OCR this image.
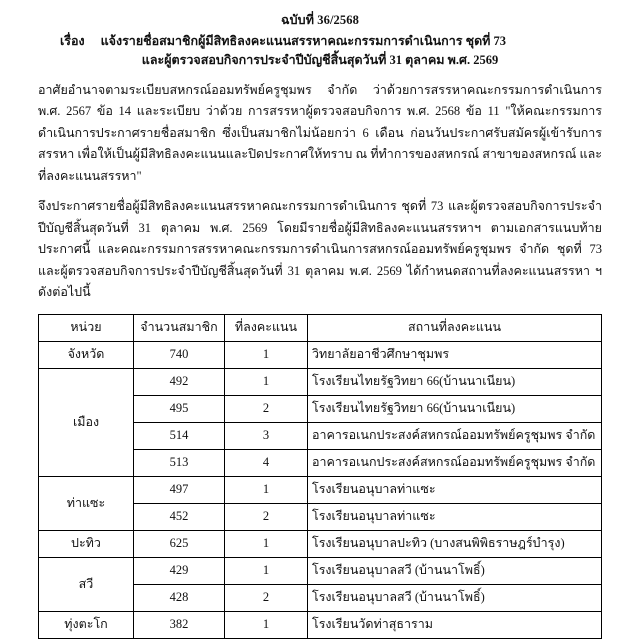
ฉบับที่ 36/2568
เรื่อง แจ้งรายชื่อสมาชิกผู้มีสิทธิลงคะแนนสรรหาคณะกรรมการดำเนินการ ชุดที่ 73
และผู้ตรวจสอบกิจการประจำปีบัญชีสิ้นสุดวันที่ 31 ตุลาคม พ.ศ. 2569

อาศัยอำนาจตามระเบียบสหกรณ์ออมทรัพย์ครูชุมพร จำกัด ว่าด้วยการสรรหาคณะกรรมการดำเนินการ พ.ศ. 2567 ข้อ 14 และระเบียบ ว่าด้วย การสรรหาผู้ตรวจสอบกิจการ พ.ศ. 2568 ข้อ 11 "ให้คณะกรรมการดำเนินการประกาศรายชื่อสมาชิก ซึ่งเป็นสมาชิกไม่น้อยกว่า 6 เดือน ก่อนวันประกาศรับสมัครผู้เข้ารับการสรรหา เพื่อให้เป็นผู้มีสิทธิลงคะแนนและปิดประกาศให้ทราบ ณ ที่ทำการของสหกรณ์ สาขาของสหกรณ์ และที่ลงคะแนนสรรหา"

จึงประกาศรายชื่อผู้มีสิทธิลงคะแนนสรรหาคณะกรรมการดำเนินการ ชุดที่ 73 และผู้ตรวจสอบกิจการประจำปีบัญชีสิ้นสุดวันที่ 31 ตุลาคม พ.ศ. 2569 โดยมีรายชื่อผู้มีสิทธิลงคะแนนสรรหาฯ ตามเอกสารแนบท้ายประกาศนี้ และคณะกรรมการสรรหาคณะกรรมการดำเนินการสหกรณ์ออมทรัพย์ครูชุมพร จำกัด ชุดที่ 73 และผู้ตรวจสอบกิจการประจำปีบัญชีสิ้นสุดวันที่ 31 ตุลาคม พ.ศ. 2569 ได้กำหนดสถานที่ลงคะแนนสรรหา ฯ ดังต่อไปนี้

หน่วย	จำนวนสมาชิก	ที่ลงคะแนน	สถานที่ลงคะแนน
จังหวัด	740	1	วิทยาลัยอาชีวศึกษาชุมพร
เมือง	492	1	โรงเรียนไทยรัฐวิทยา 66(บ้านนาเนียน)
	495	2	โรงเรียนไทยรัฐวิทยา 66(บ้านนาเนียน)
	514	3	อาคารอเนกประสงค์สหกรณ์ออมทรัพย์ครูชุมพร จำกัด
	513	4	อาคารอเนกประสงค์สหกรณ์ออมทรัพย์ครูชุมพร จำกัด
ท่าแซะ	497	1	โรงเรียนอนุบาลท่าแซะ
	452	2	โรงเรียนอนุบาลท่าแซะ
ปะทิว	625	1	โรงเรียนอนุบาลปะทิว (บางสนพิพิธราษฎร์บำรุง)
สวี	429	1	โรงเรียนอนุบาลสวี (บ้านนาโพธิ์)
	428	2	โรงเรียนอนุบาลสวี (บ้านนาโพธิ์)
ทุ่งตะโก	382	1	โรงเรียนวัดท่าสุธาราม
